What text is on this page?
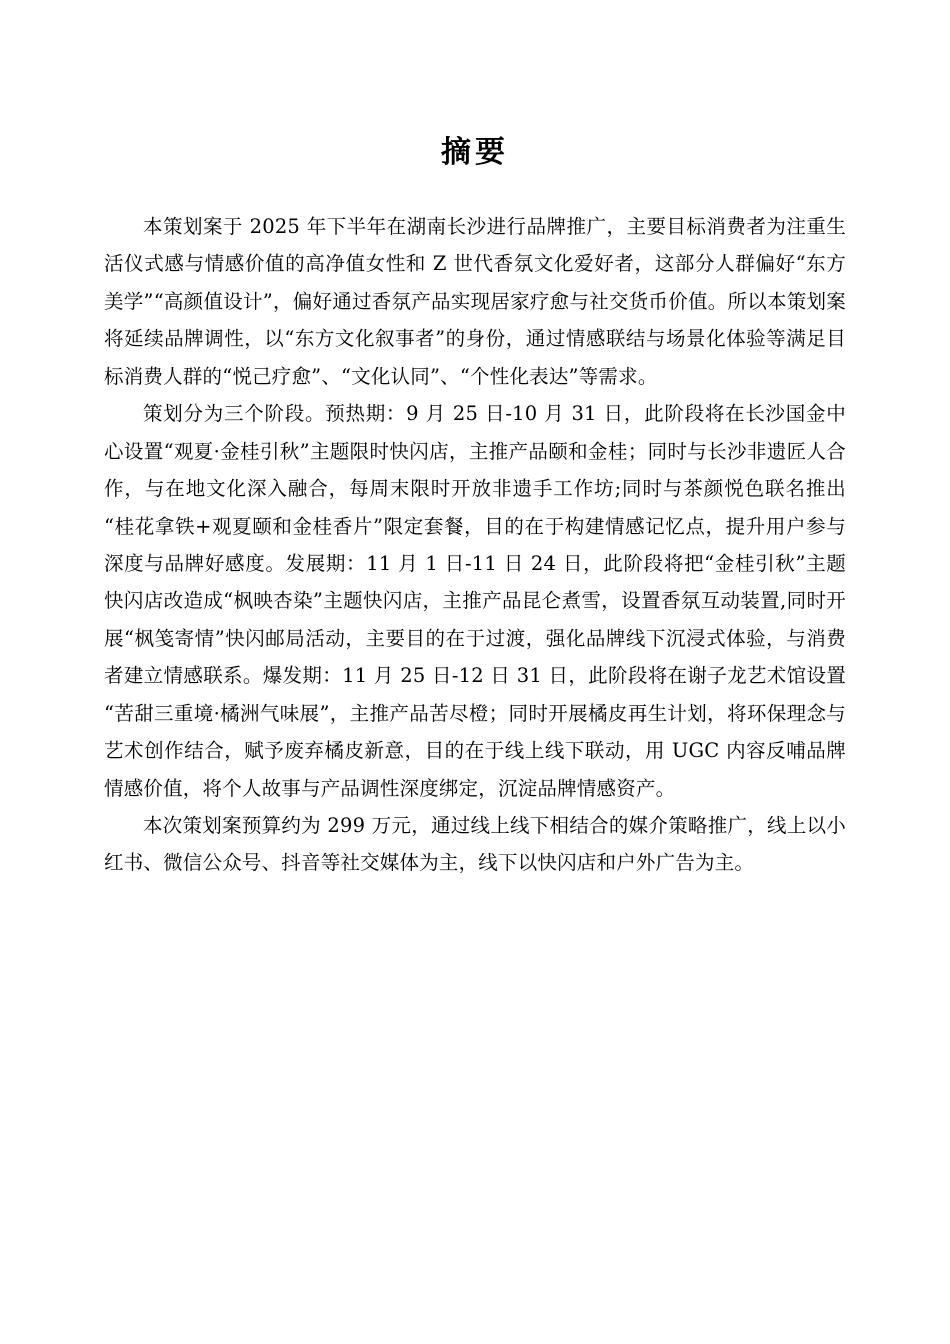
摘要

本策划案于 2025 年下半年在湖南长沙进行品牌推广，主要目标消费者为注重生活仪式感与情感价值的高净值女性和 Z 世代香氛文化爱好者，这部分人群偏好“东方美学”“高颜值设计”，偏好通过香氛产品实现居家疗愈与社交货币价值。所以本策划案将延续品牌调性，以“东方文化叙事者”的身份，通过情感联结与场景化体验等满足目标消费人群的“悦己疗愈”、“文化认同”、“个性化表达”等需求。

策划分为三个阶段。预热期：9 月 25 日-10 月 31 日，此阶段将在长沙国金中心设置“观夏·金桂引秋”主题限时快闪店，主推产品颐和金桂；同时与长沙非遗匠人合作，与在地文化深入融合，每周末限时开放非遗手工作坊;同时与茶颜悦色联名推出“桂花拿铁+观夏颐和金桂香片”限定套餐，目的在于构建情感记忆点，提升用户参与深度与品牌好感度。发展期：11 月 1 日-11 日 24 日，此阶段将把“金桂引秋”主题快闪店改造成“枫映杏染”主题快闪店，主推产品昆仑煮雪，设置香氛互动装置,同时开展“枫笺寄情”快闪邮局活动，主要目的在于过渡，强化品牌线下沉浸式体验，与消费者建立情感联系。爆发期：11 月 25 日-12 日 31 日，此阶段将在谢子龙艺术馆设置“苦甜三重境·橘洲气味展”，主推产品苦尽橙；同时开展橘皮再生计划，将环保理念与艺术创作结合，赋予废弃橘皮新意，目的在于线上线下联动，用 UGC 内容反哺品牌情感价值，将个人故事与产品调性深度绑定，沉淀品牌情感资产。

本次策划案预算约为 299 万元，通过线上线下相结合的媒介策略推广，线上以小红书、微信公众号、抖音等社交媒体为主，线下以快闪店和户外广告为主。
